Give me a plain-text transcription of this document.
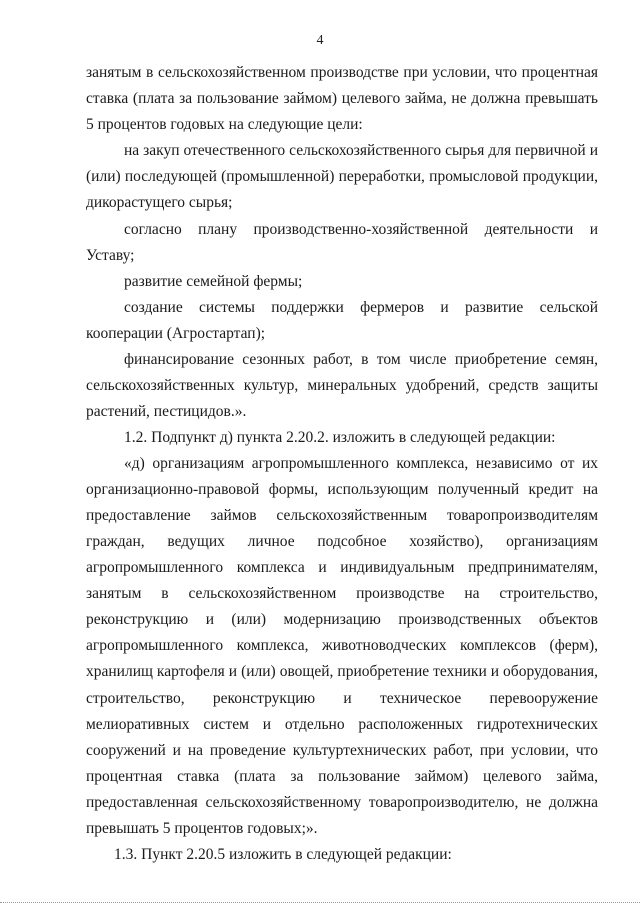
4
занятым в сельскохозяйственном производстве при условии, что процентная
ставка (плата за пользование займом) целевого займа, не должна превышать
5 процентов годовых на следующие цели:
на закуп отечественного сельскохозяйственного сырья для первичной и
(или) последующей (промышленной) переработки, промысловой продукции,
дикорастущего сырья;
согласно плану производственно-хозяйственной деятельности и
Уставу;
развитие семейной фермы;
создание системы поддержки фермеров и развитие сельской
кооперации (Агростартап);
финансирование сезонных работ, в том числе приобретение семян,
сельскохозяйственных культур, минеральных удобрений, средств защиты
растений, пестицидов.».
1.2. Подпункт д) пункта 2.20.2. изложить в следующей редакции:
«д) организациям агропромышленного комплекса, независимо от их
организационно-правовой формы, использующим полученный кредит на
предоставление займов сельскохозяйственным товаропроизводителям
граждан, ведущих личное подсобное хозяйство), организациям
агропромышленного комплекса и индивидуальным предпринимателям,
занятым в сельскохозяйственном производстве на строительство,
реконструкцию и (или) модернизацию производственных объектов
агропромышленного комплекса, животноводческих комплексов (ферм),
хранилищ картофеля и (или) овощей, приобретение техники и оборудования,
строительство, реконструкцию и техническое перевооружение
мелиоративных систем и отдельно расположенных гидротехнических
сооружений и на проведение культуртехнических работ, при условии, что
процентная ставка (плата за пользование займом) целевого займа,
предоставленная сельскохозяйственному товаропроизводителю, не должна
превышать 5 процентов годовых;».
1.3. Пункт 2.20.5 изложить в следующей редакции:
